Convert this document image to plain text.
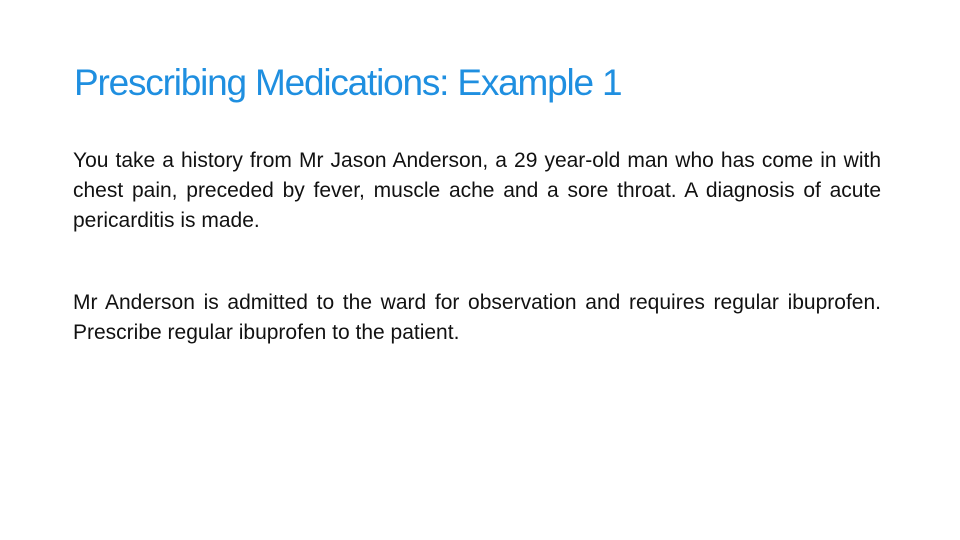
Prescribing Medications: Example 1

You take a history from Mr Jason Anderson, a 29 year-old man who has come in with chest pain, preceded by fever, muscle ache and a sore throat. A diagnosis of acute pericarditis is made.

Mr Anderson is admitted to the ward for observation and requires regular ibuprofen. Prescribe regular ibuprofen to the patient.
